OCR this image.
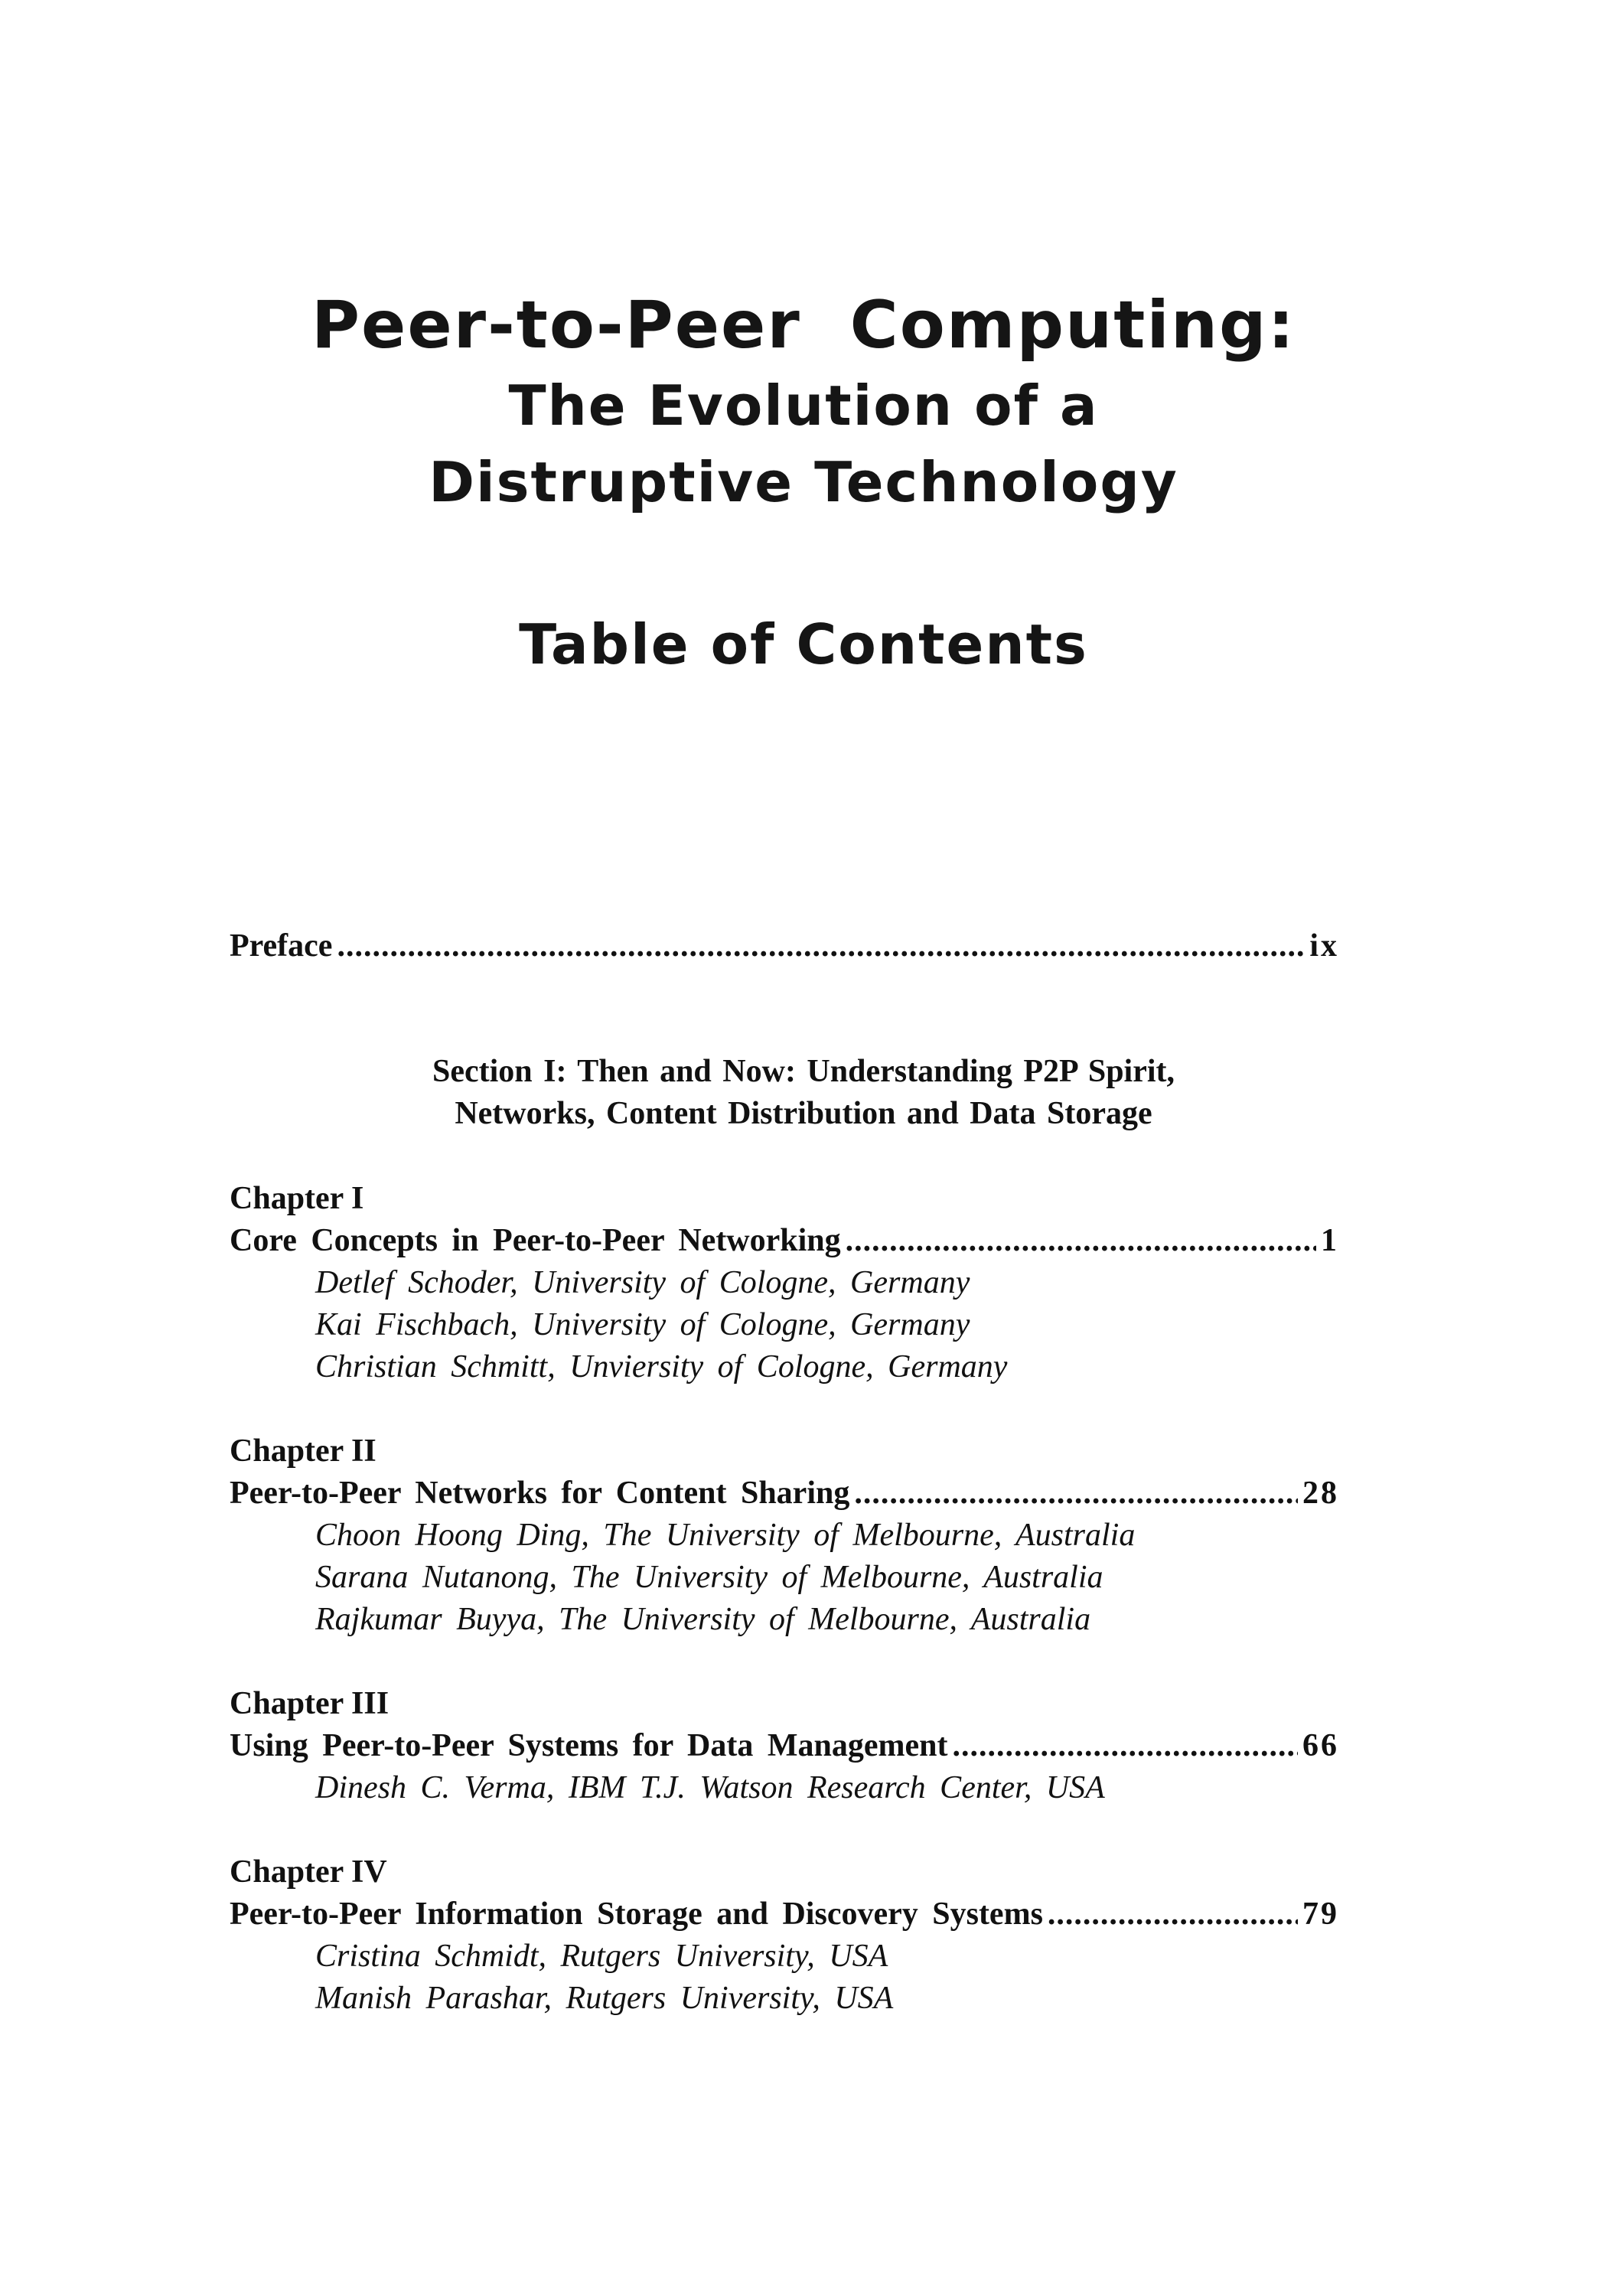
Peer-to-Peer  Computing:
The Evolution of a
Distruptive Technology
Table of Contents
Preface .....	ix
Section I: Then and Now: Understanding P2P Spirit,
Networks, Content Distribution and Data Storage
Chapter I
Core Concepts in Peer-to-Peer Networking .....	1
Detlef Schoder, University of Cologne, Germany
Kai Fischbach, University of Cologne, Germany
Christian Schmitt, Unviersity of Cologne, Germany
Chapter II
Peer-to-Peer Networks for Content Sharing .....	28
Choon Hoong Ding, The University of Melbourne, Australia
Sarana Nutanong, The University of Melbourne, Australia
Rajkumar Buyya, The University of Melbourne, Australia
Chapter III
Using Peer-to-Peer Systems for Data Management .....	66
Dinesh C. Verma, IBM T.J. Watson Research Center, USA
Chapter IV
Peer-to-Peer Information Storage and Discovery Systems .....	79
Cristina Schmidt, Rutgers University, USA
Manish Parashar, Rutgers University, USA
